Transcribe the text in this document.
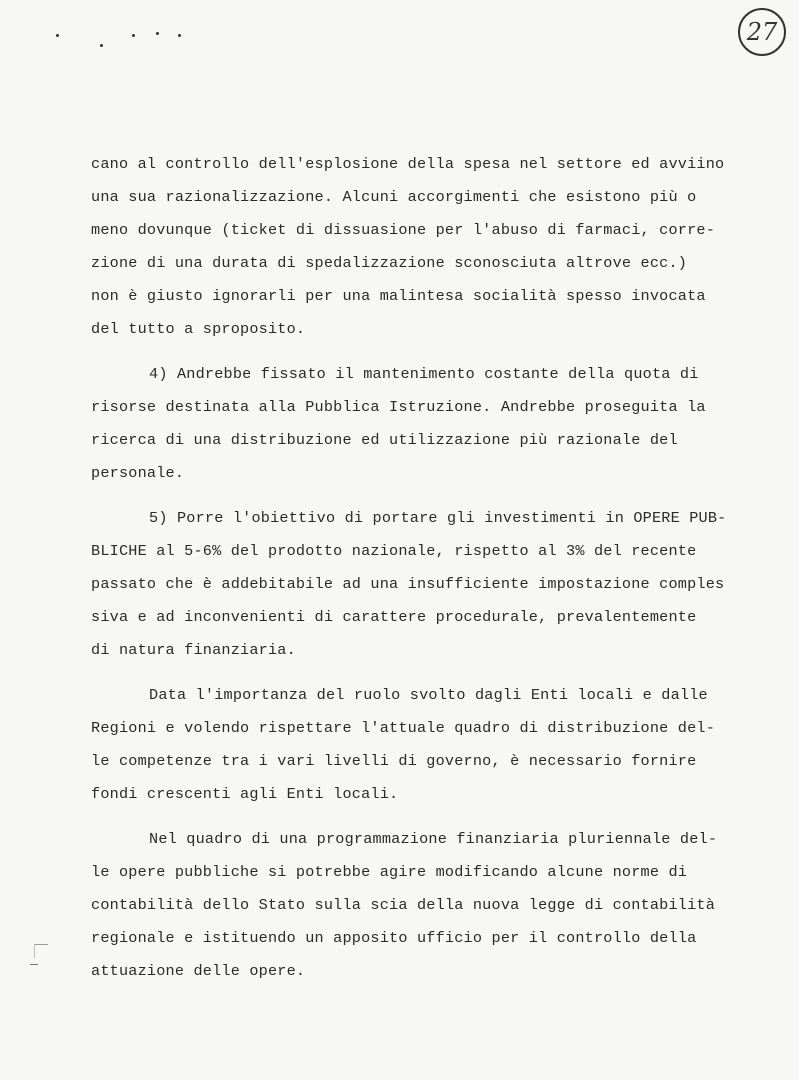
27
cano al controllo dell'esplosione della spesa nel settore ed avviino
una sua razionalizzazione. Alcuni accorgimenti che esistono più o
meno dovunque (ticket di dissuasione per l'abuso di farmaci, corre-
zione di una durata di spedalizzazione sconosciuta altrove ecc.)
non è giusto ignorarli per una malintesa socialità spesso invocata
del tutto a sproposito.
4) Andrebbe fissato il mantenimento costante della quota di
risorse destinata alla Pubblica Istruzione. Andrebbe proseguita la
ricerca di una distribuzione ed utilizzazione più razionale del
personale.
5) Porre l'obiettivo di portare gli investimenti in OPERE PUB-
BLICHE al 5-6% del prodotto nazionale, rispetto al 3% del recente
passato che è addebitabile ad una insufficiente impostazione comples
siva e ad inconvenienti di carattere procedurale, prevalentemente
di natura finanziaria.
Data l'importanza del ruolo svolto dagli Enti locali e dalle
Regioni e volendo rispettare l'attuale quadro di distribuzione del-
le competenze tra i vari livelli di governo, è necessario fornire
fondi crescenti agli Enti locali.
Nel quadro di una programmazione finanziaria pluriennale del-
le opere pubbliche si potrebbe agire modificando alcune norme di
contabilità dello Stato sulla scia della nuova legge di contabilità
regionale e istituendo un apposito ufficio per il controllo della
attuazione delle opere.
